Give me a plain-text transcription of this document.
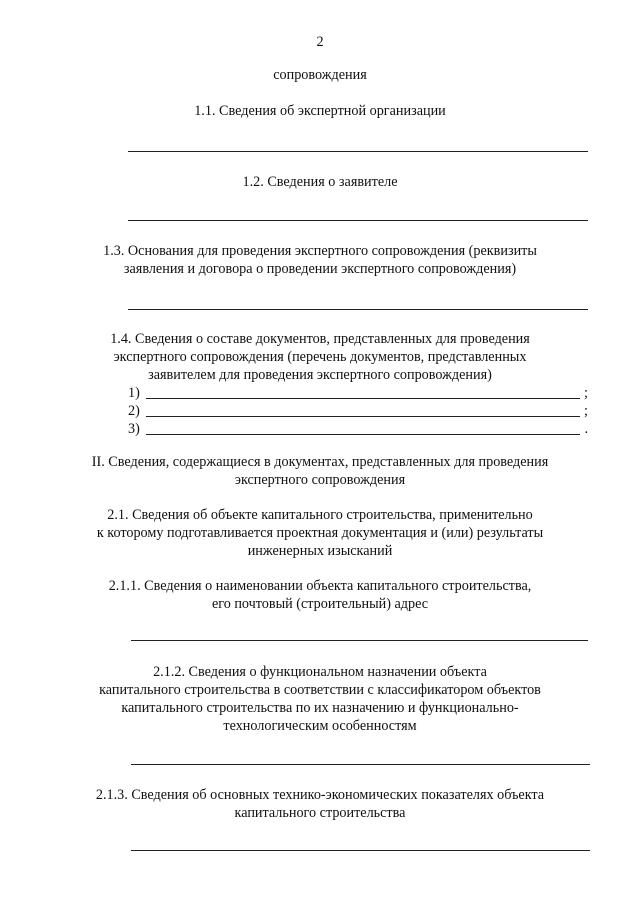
2
сопровождения
1.1. Сведения об экспертной организации
1.2. Сведения о заявителе
1.3. Основания для проведения экспертного сопровождения (реквизиты
заявления и договора о проведении экспертного сопровождения)
1.4. Сведения о составе документов, представленных для проведения
экспертного сопровождения (перечень документов, представленных
заявителем для проведения экспертного сопровождения)
1)	;
2)	;
3)	.
II. Сведения, содержащиеся в документах, представленных для проведения
экспертного сопровождения
2.1. Сведения об объекте капитального строительства, применительно
к которому подготавливается проектная документация и (или) результаты
инженерных изысканий
2.1.1. Сведения о наименовании объекта капитального строительства,
его почтовый (строительный) адрес
2.1.2. Сведения о функциональном назначении объекта
капитального строительства в соответствии с классификатором объектов
капитального строительства по их назначению и функционально-
технологическим особенностям
2.1.3. Сведения об основных технико-экономических показателях объекта
капитального строительства
